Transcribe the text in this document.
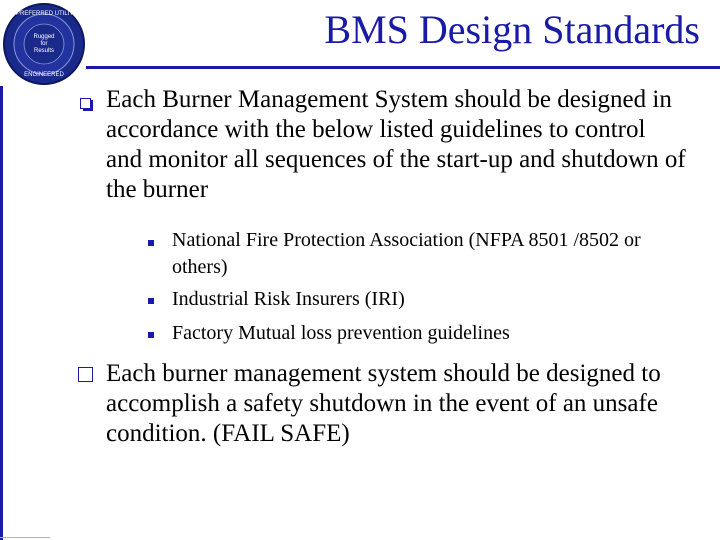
PREFERRED UTILITIES
Rugged
for
Results
ENGINEERED
BMS Design Standards
Each Burner Management System should be designed in accordance with the below listed guidelines to control and monitor all sequences of the start-up and shutdown of the burner
National Fire Protection Association (NFPA 8501 /8502 or others)
Industrial Risk Insurers (IRI)
Factory Mutual loss prevention guidelines
Each burner management system should be designed to accomplish a safety shutdown in the event of an unsafe condition. (FAIL SAFE)
